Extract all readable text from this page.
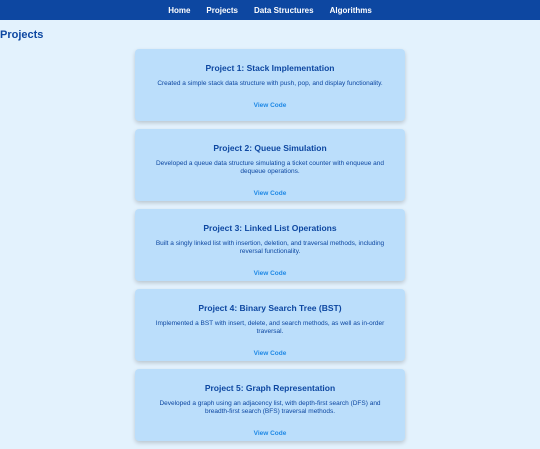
Home Projects Data Structures Algorithms
Projects
Project 1: Stack Implementation

Created a simple stack data structure with push, pop, and display functionality.

View Code
Project 2: Queue Simulation

Developed a queue data structure simulating a ticket counter with enqueue and dequeue operations.

View Code
Project 3: Linked List Operations

Built a singly linked list with insertion, deletion, and traversal methods, including reversal functionality.

View Code
Project 4: Binary Search Tree (BST)

Implemented a BST with insert, delete, and search methods, as well as in-order traversal.

View Code
Project 5: Graph Representation

Developed a graph using an adjacency list, with depth-first search (DFS) and breadth-first search (BFS) traversal methods.

View Code
